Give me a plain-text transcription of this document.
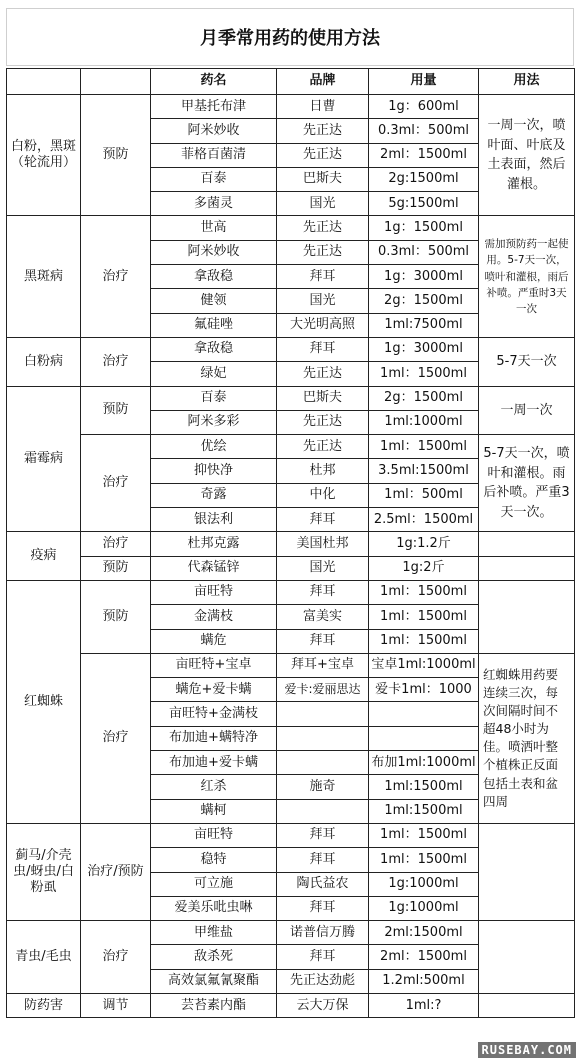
月季常用药的使用方法
		药名	品牌	用量	用法
白粉，黑斑（轮流用）	预防	甲基托布津	日曹	1g：600ml	一周一次，喷叶面、叶底及土表面，然后灌根。
		阿米妙收	先正达	0.3ml：500ml	
		菲格百菌清	先正达	2ml：1500ml	
		百泰	巴斯夫	2g:1500ml	
		多菌灵	国光	5g:1500ml	
黑斑病	治疗	世高	先正达	1g：1500ml	需加预防药一起使用。5-7天一次，喷叶和灌根，雨后补喷。严重时3天一次
		阿米妙收	先正达	0.3ml：500ml	
		拿敌稳	拜耳	1g：3000ml	
		健领	国光	2g：1500ml	
		氟硅唑	大光明高照	1ml:7500ml	
白粉病	治疗	拿敌稳	拜耳	1g：3000ml	5-7天一次
		绿妃	先正达	1ml：1500ml	
霜霉病	预防	百泰	巴斯夫	2g：1500ml	一周一次
		阿米多彩	先正达	1ml:1000ml	
	治疗	优绘	先正达	1ml：1500ml	5-7天一次，喷叶和灌根。雨后补喷。严重3天一次。
		抑快净	杜邦	3.5ml:1500ml	
		奇露	中化	1ml：500ml	
		银法利	拜耳	2.5ml：1500ml	
疫病	治疗	杜邦克露	美国杜邦	1g:1.2斤	
	预防	代森锰锌	国光	1g:2斤	
红蜘蛛	预防	亩旺特	拜耳	1ml：1500ml	
		金满枝	富美实	1ml：1500ml	
		螨危	拜耳	1ml：1500ml	
	治疗	亩旺特+宝卓	拜耳+宝卓	宝卓1ml:1000ml	红蜘蛛用药要连续三次，每次间隔时间不超48小时为佳。喷洒叶整个植株正反面包括土表和盆四周
		螨危+爱卡螨	爱卡:爱丽思达	爱卡1ml：1000	
		亩旺特+金满枝			
		布加迪+螨特净			
		布加迪+爱卡螨		布加1ml:1000ml	
		红杀	施奇	1ml:1500ml	
		螨柯		1ml:1500ml	
蓟马/介壳虫/蚜虫/白粉虱	治疗/预防	亩旺特	拜耳	1ml：1500ml	
		稳特	拜耳	1ml：1500ml	
		可立施	陶氏益农	1g:1000ml	
		爱美乐吡虫啉	拜耳	1g:1000ml	
青虫/毛虫	治疗	甲维盐	诺普信万腾	2ml:1500ml	
		敌杀死	拜耳	2ml：1500ml	
		高效氯氟氰聚酯	先正达劲彪	1.2ml:500ml	
防药害	调节	芸苔素内酯	云大万保	1ml:?	
RUSEBAY.COM
